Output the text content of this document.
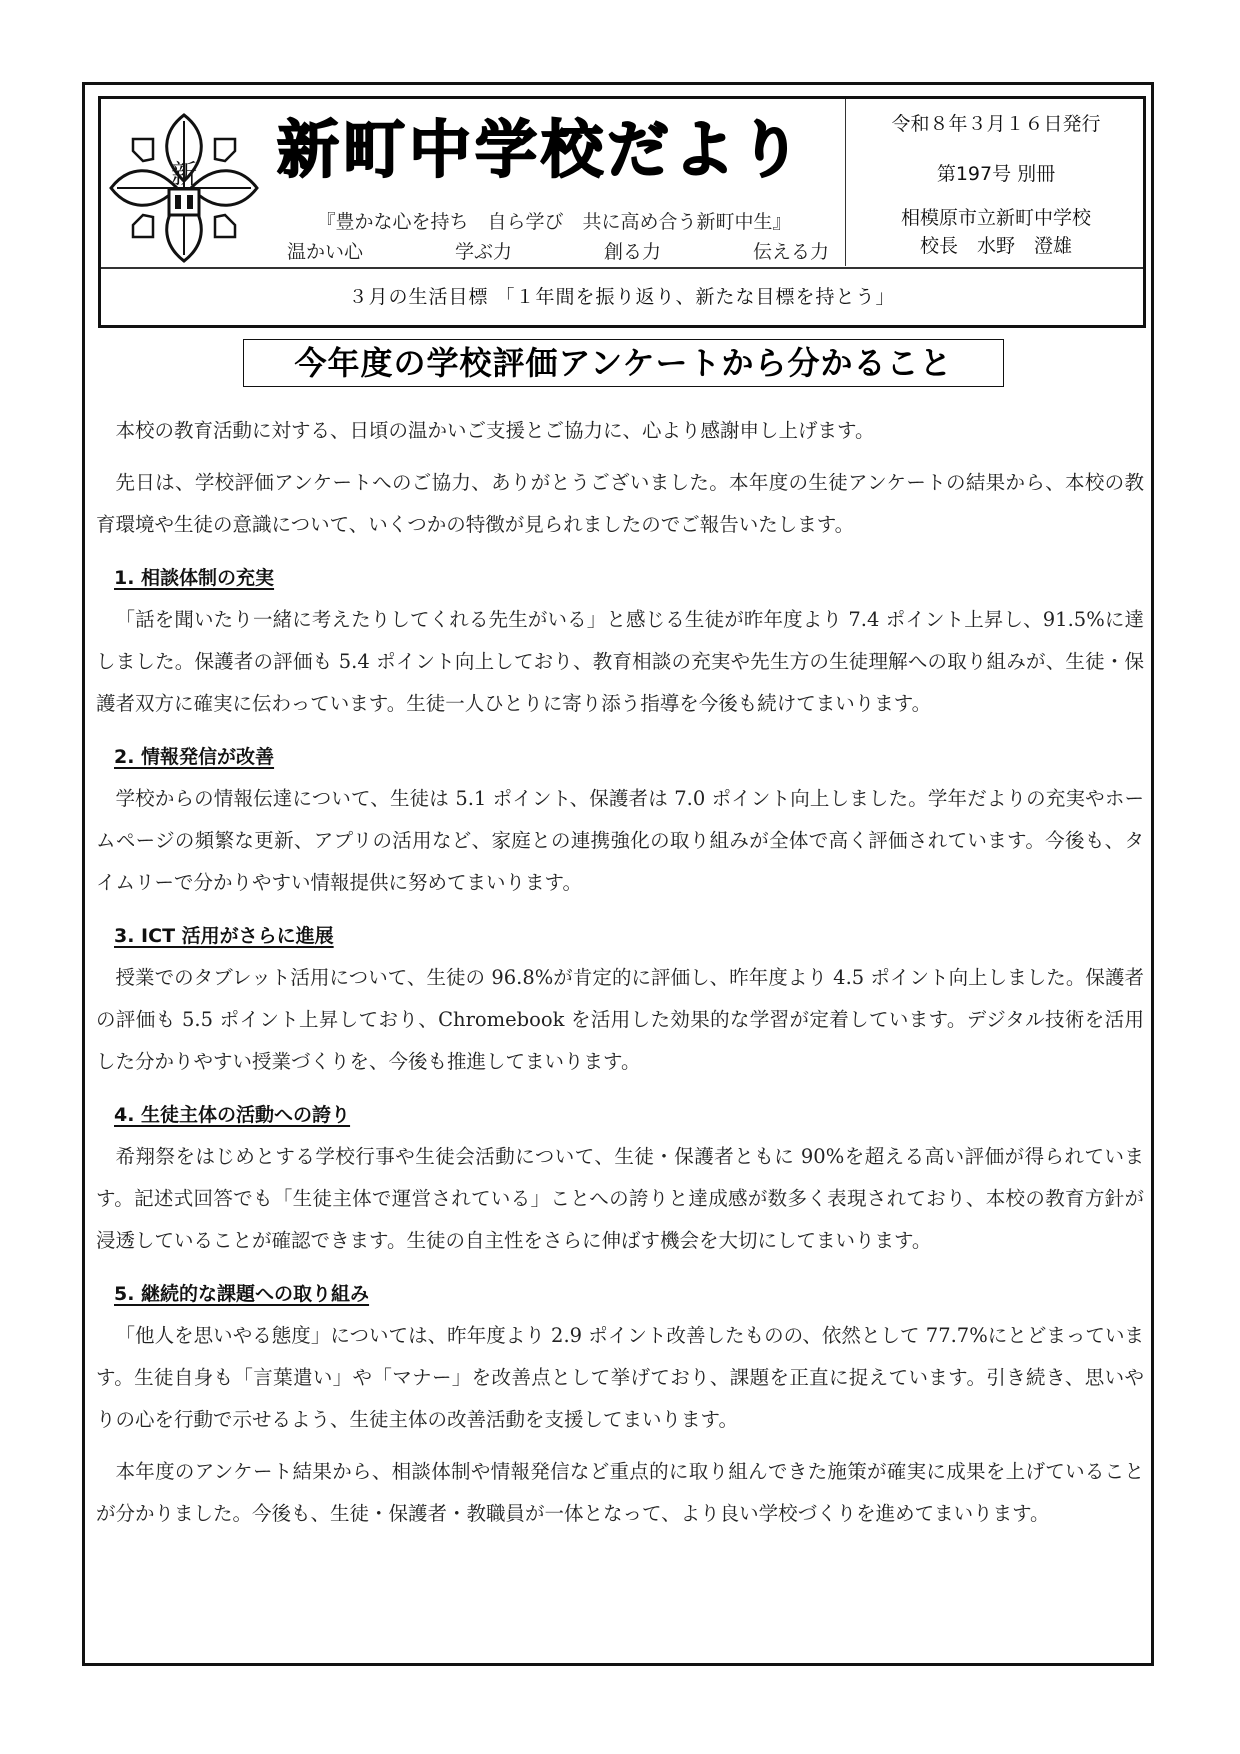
新 新町中学校だより
『豊かな心を持ち　自ら学び　共に高め合う新町中生』
温かい心	学ぶ力	創る力	伝える力
令和８年３月１６日発行
第197号 別冊
相模原市立新町中学校
校長　水野　澄雄
３月の生活目標 「１年間を振り返り、新たな目標を持とう」
今年度の学校評価アンケートから分かること

本校の教育活動に対する、日頃の温かいご支援とご協力に、心より感謝申し上げます。

先日は、学校評価アンケートへのご協力、ありがとうございました。本年度の生徒アンケートの結果から、本校の教育環境や生徒の意識について、いくつかの特徴が見られましたのでご報告いたします。

1. 相談体制の充実

「話を聞いたり一緒に考えたりしてくれる先生がいる」と感じる生徒が昨年度より 7.4 ポイント上昇し、91.5%に達しました。保護者の評価も 5.4 ポイント向上しており、教育相談の充実や先生方の生徒理解への取り組みが、生徒・保護者双方に確実に伝わっています。生徒一人ひとりに寄り添う指導を今後も続けてまいります。

2. 情報発信が改善

学校からの情報伝達について、生徒は 5.1 ポイント、保護者は 7.0 ポイント向上しました。学年だよりの充実やホームページの頻繁な更新、アプリの活用など、家庭との連携強化の取り組みが全体で高く評価されています。今後も、タイムリーで分かりやすい情報提供に努めてまいります。

3. ICT 活用がさらに進展

授業でのタブレット活用について、生徒の 96.8%が肯定的に評価し、昨年度より 4.5 ポイント向上しました。保護者の評価も 5.5 ポイント上昇しており、Chromebook を活用した効果的な学習が定着しています。デジタル技術を活用した分かりやすい授業づくりを、今後も推進してまいります。

4. 生徒主体の活動への誇り

希翔祭をはじめとする学校行事や生徒会活動について、生徒・保護者ともに 90%を超える高い評価が得られています。記述式回答でも「生徒主体で運営されている」ことへの誇りと達成感が数多く表現されており、本校の教育方針が浸透していることが確認できます。生徒の自主性をさらに伸ばす機会を大切にしてまいります。

5. 継続的な課題への取り組み

「他人を思いやる態度」については、昨年度より 2.9 ポイント改善したものの、依然として 77.7%にとどまっています。生徒自身も「言葉遣い」や「マナー」を改善点として挙げており、課題を正直に捉えています。引き続き、思いやりの心を行動で示せるよう、生徒主体の改善活動を支援してまいります。

本年度のアンケート結果から、相談体制や情報発信など重点的に取り組んできた施策が確実に成果を上げていることが分かりました。今後も、生徒・保護者・教職員が一体となって、より良い学校づくりを進めてまいります。
